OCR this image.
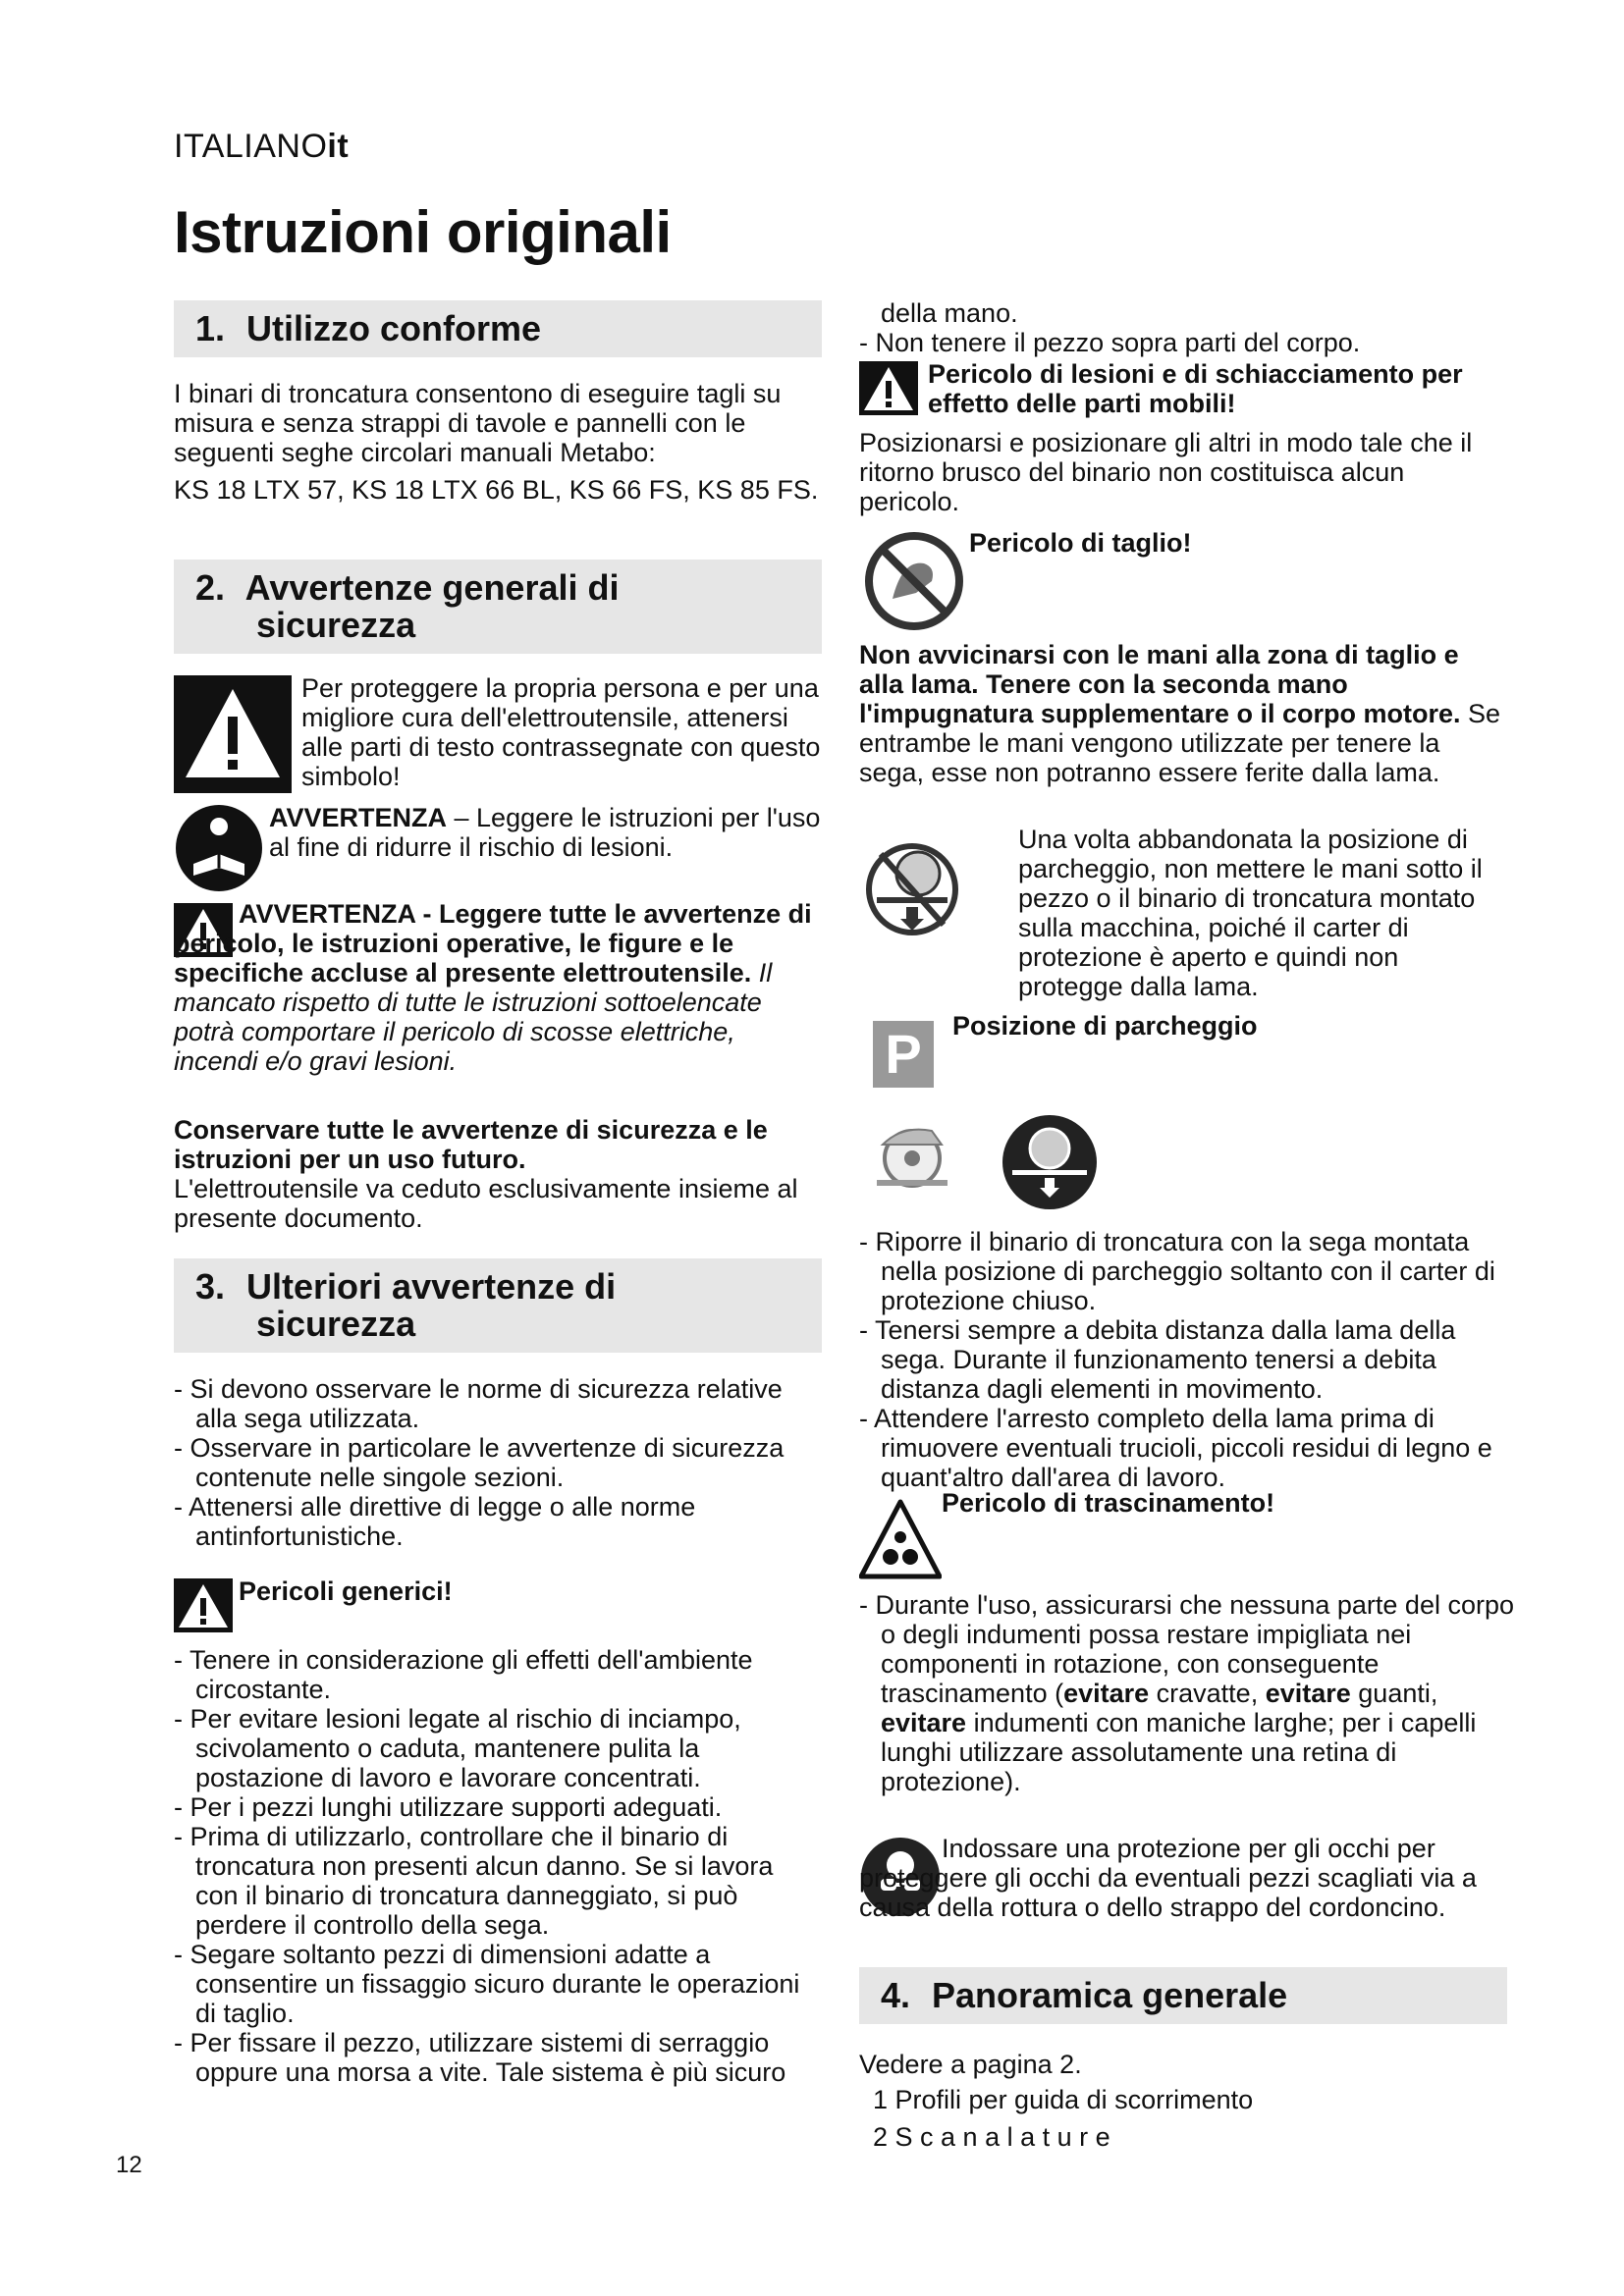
ITALIANOit
Istruzioni originali
1. Utilizzo conforme

I binari di troncatura consentono di eseguire tagli su misura e senza strappi di tavole e pannelli con le seguenti seghe circolari manuali Metabo:

KS 18 LTX 57, KS 18 LTX 66 BL, KS 66 FS, KS 85 FS.

2. Avvertenze generali di
sicurezza

Per proteggere la propria persona e per una migliore cura dell'elettroutensile, attenersi alle parti di testo contrassegnate con questo simbolo!

AVVERTENZA – Leggere le istruzioni per l'uso al fine di ridurre il rischio di lesioni.

AVVERTENZA - Leggere tutte le avvertenze di pericolo, le istruzioni operative, le figure e le specifiche accluse al presente elettroutensile. Il mancato rispetto di tutte le istruzioni sottoelencate potrà comportare il pericolo di scosse elettriche, incendi e/o gravi lesioni.

Conservare tutte le avvertenze di sicurezza e le istruzioni per un uso futuro.
L'elettroutensile va ceduto esclusivamente insieme al presente documento.

3. Ulteriori avvertenze di
sicurezza

- Si devono osservare le norme di sicurezza relative alla sega utilizzata.

- Osservare in particolare le avvertenze di sicurezza contenute nelle singole sezioni.

- Attenersi alle direttive di legge o alle norme antinfortunistiche.

Pericoli generici!

- Tenere in considerazione gli effetti dell'ambiente circostante.

- Per evitare lesioni legate al rischio di inciampo, scivolamento o caduta, mantenere pulita la postazione di lavoro e lavorare concentrati.

- Per i pezzi lunghi utilizzare supporti adeguati.

- Prima di utilizzarlo, controllare che il binario di troncatura non presenti alcun danno. Se si lavora con il binario di troncatura danneggiato, si può perdere il controllo della sega.

- Segare soltanto pezzi di dimensioni adatte a consentire un fissaggio sicuro durante le operazioni di taglio.

- Per fissare il pezzo, utilizzare sistemi di serraggio oppure una morsa a vite. Tale sistema è più sicuro

della mano.

- Non tenere il pezzo sopra parti del corpo.

Pericolo di lesioni e di schiacciamento per effetto delle parti mobili!

Posizionarsi e posizionare gli altri in modo tale che il ritorno brusco del binario non costituisca alcun pericolo.

Pericolo di taglio!

Non avvicinarsi con le mani alla zona di taglio e alla lama. Tenere con la seconda mano l'impugnatura supplementare o il corpo motore. Se entrambe le mani vengono utilizzate per tenere la sega, esse non potranno essere ferite dalla lama.

Una volta abbandonata la posizione di parcheggio, non mettere le mani sotto il pezzo o il binario di troncatura montato sulla macchina, poiché il carter di protezione è aperto e quindi non protegge dalla lama.

P	Posizione di parcheggio

- Riporre il binario di troncatura con la sega montata nella posizione di parcheggio soltanto con il carter di protezione chiuso.

- Tenersi sempre a debita distanza dalla lama della sega. Durante il funzionamento tenersi a debita distanza dagli elementi in movimento.

- Attendere l'arresto completo della lama prima di rimuovere eventuali trucioli, piccoli residui di legno e quant'altro dall'area di lavoro.

Pericolo di trascinamento!

- Durante l'uso, assicurarsi che nessuna parte del corpo o degli indumenti possa restare impigliata nei componenti in rotazione, con conseguente trascinamento (evitare cravatte, evitare guanti, evitare indumenti con maniche larghe; per i capelli lunghi utilizzare assolutamente una retina di protezione).

Indossare una protezione per gli occhi per proteggere gli occhi da eventuali pezzi scagliati via a causa della rottura o dello strappo del cordoncino.

4. Panoramica generale

Vedere a pagina 2.

1 Profili per guida di scorrimento

2 S c a n a l a t u r e

12
